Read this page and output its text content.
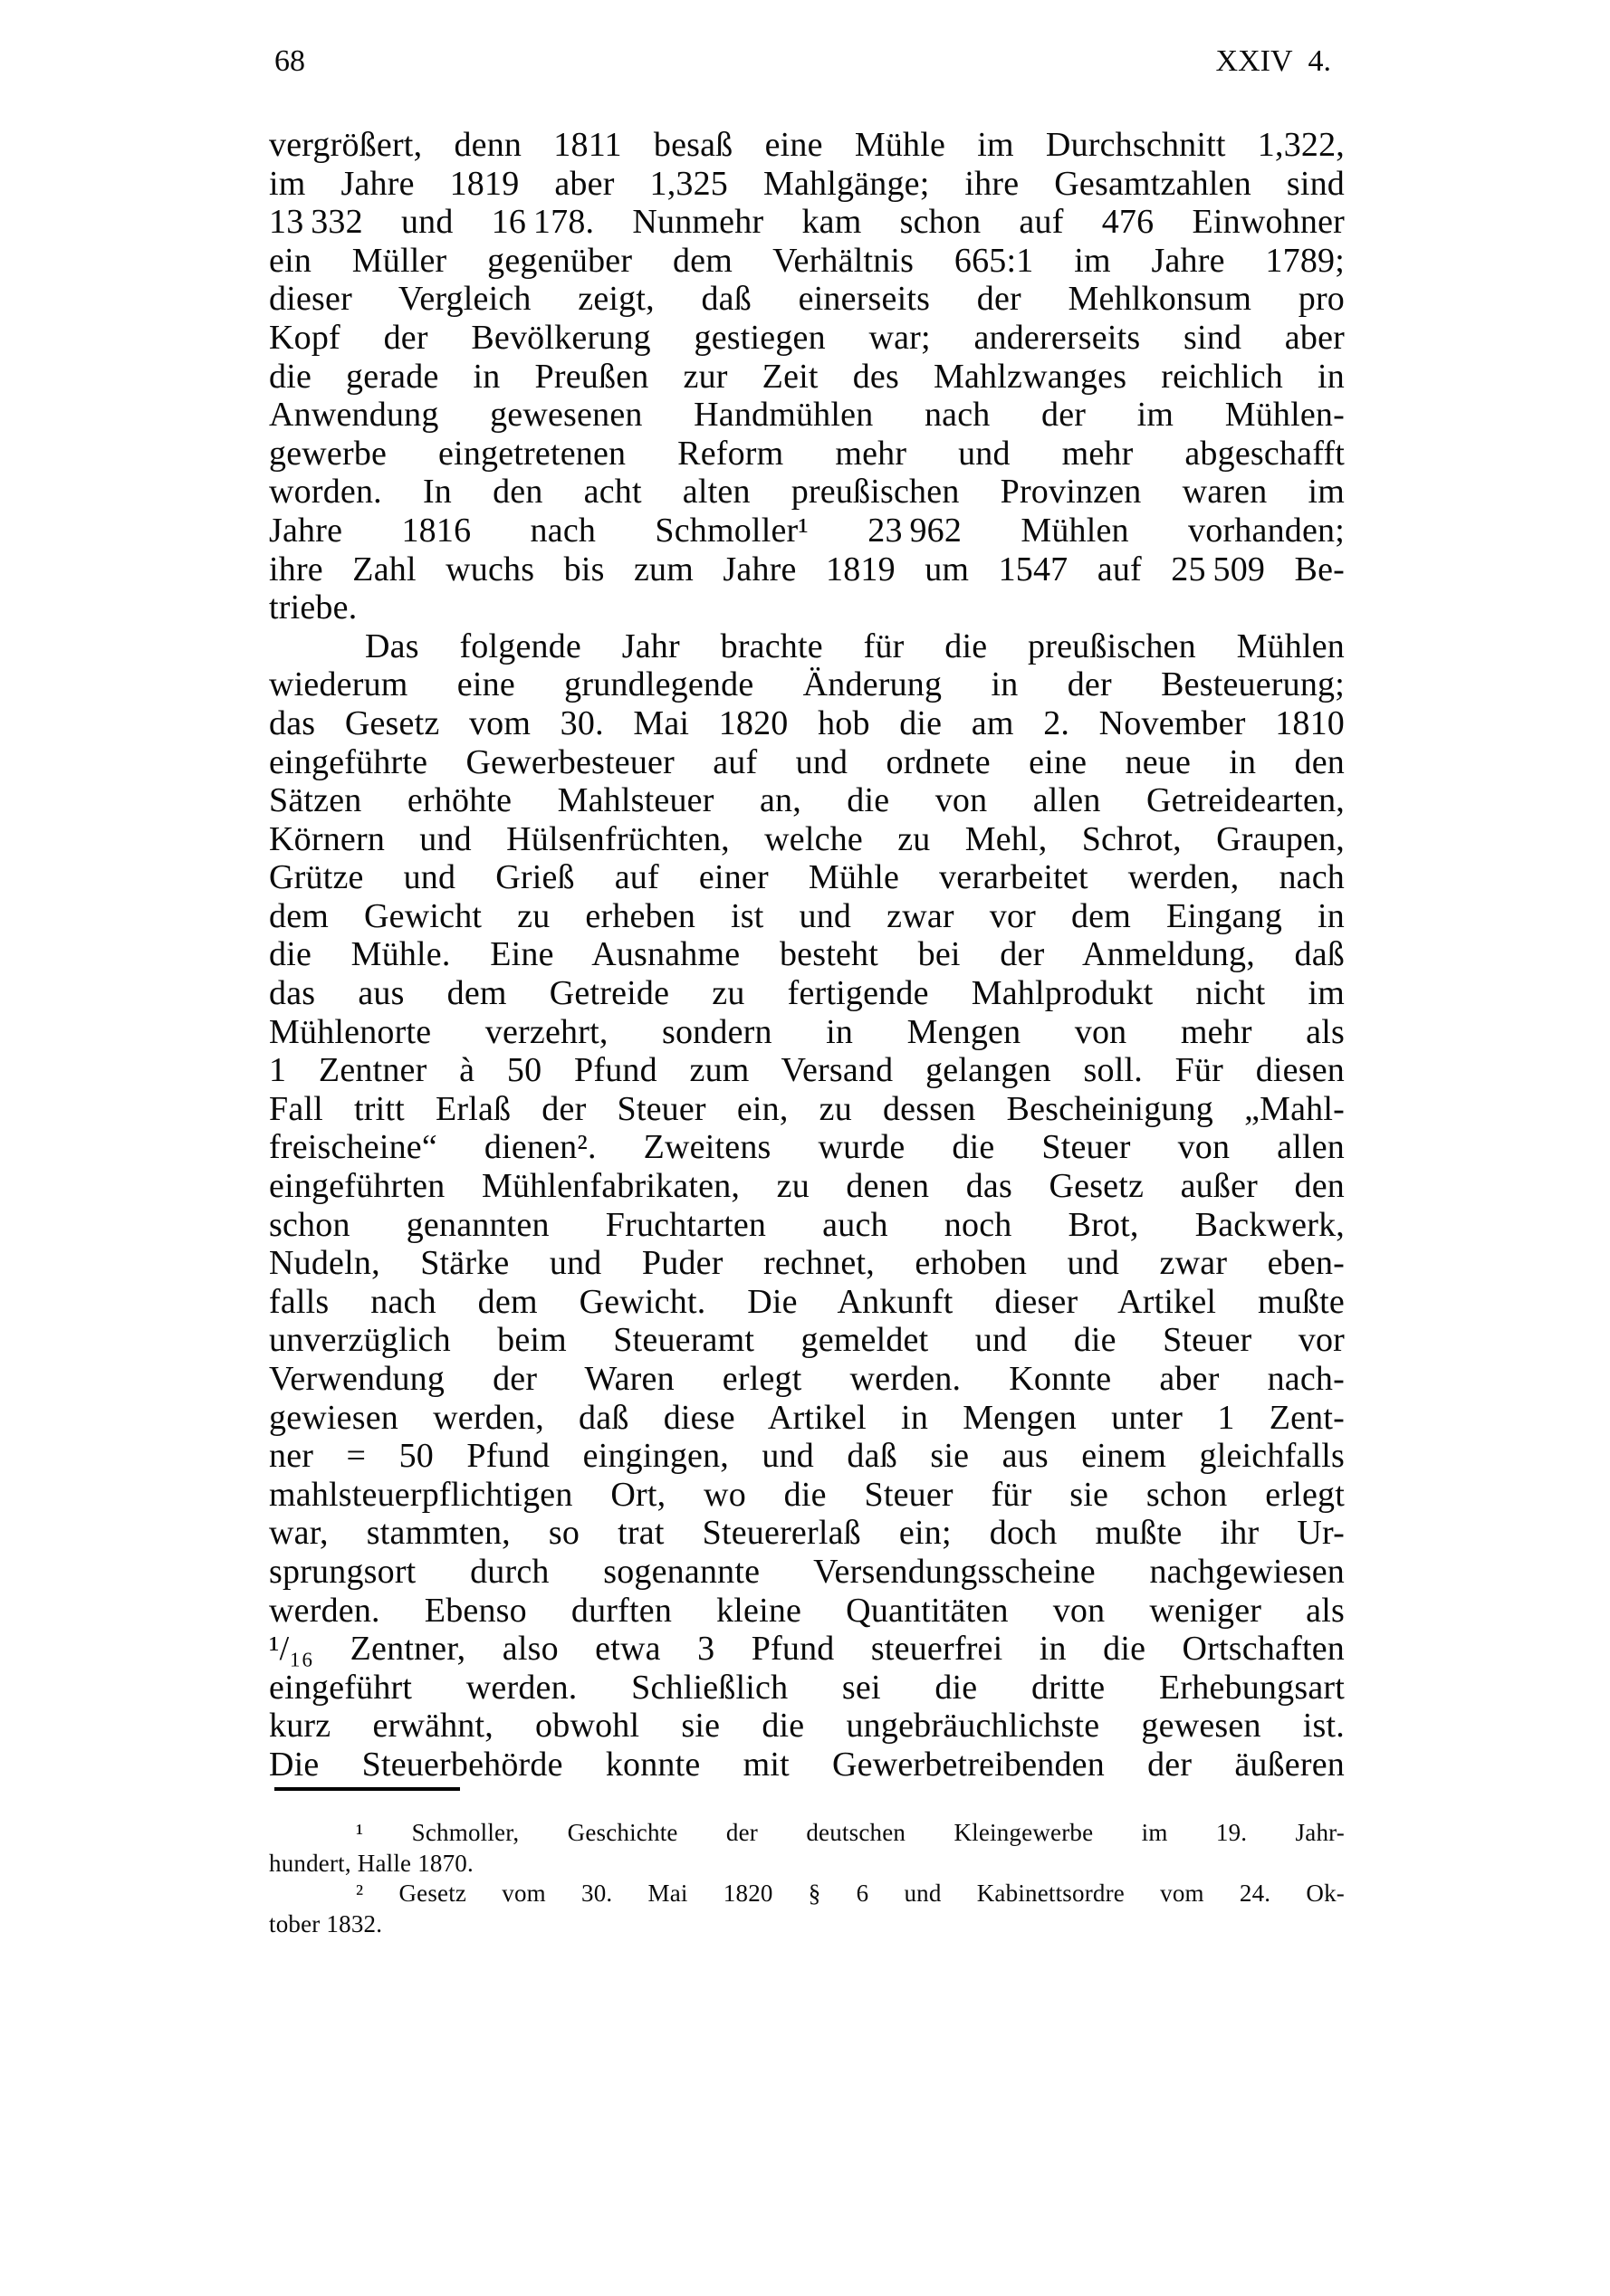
68	XXIV 4.
vergrößert, denn 1811 besaß eine Mühle im Durchschnitt 1,322,
im Jahre 1819 aber 1,325 Mahlgänge; ihre Gesamtzahlen sind
13 332 und 16 178. Nunmehr kam schon auf 476 Einwohner
ein Müller gegenüber dem Verhältnis 665:1 im Jahre 1789;
dieser Vergleich zeigt, daß einerseits der Mehlkonsum pro
Kopf der Bevölkerung gestiegen war; andererseits sind aber
die gerade in Preußen zur Zeit des Mahlzwanges reichlich in
Anwendung gewesenen Handmühlen nach der im Mühlen-
gewerbe eingetretenen Reform mehr und mehr abgeschafft
worden. In den acht alten preußischen Provinzen waren im
Jahre 1816 nach Schmoller¹ 23 962 Mühlen vorhanden;
ihre Zahl wuchs bis zum Jahre 1819 um 1547 auf 25 509 Be-
triebe.
Das folgende Jahr brachte für die preußischen Mühlen
wiederum eine grundlegende Änderung in der Besteuerung;
das Gesetz vom 30. Mai 1820 hob die am 2. November 1810
eingeführte Gewerbesteuer auf und ordnete eine neue in den
Sätzen erhöhte Mahlsteuer an, die von allen Getreidearten,
Körnern und Hülsenfrüchten, welche zu Mehl, Schrot, Graupen,
Grütze und Grieß auf einer Mühle verarbeitet werden, nach
dem Gewicht zu erheben ist und zwar vor dem Eingang in
die Mühle. Eine Ausnahme besteht bei der Anmeldung, daß
das aus dem Getreide zu fertigende Mahlprodukt nicht im
Mühlenorte verzehrt, sondern in Mengen von mehr als
1 Zentner à 50 Pfund zum Versand gelangen soll. Für diesen
Fall tritt Erlaß der Steuer ein, zu dessen Bescheinigung „Mahl-
freischeine“ dienen². Zweitens wurde die Steuer von allen
eingeführten Mühlenfabrikaten, zu denen das Gesetz außer den
schon genannten Fruchtarten auch noch Brot, Backwerk,
Nudeln, Stärke und Puder rechnet, erhoben und zwar eben-
falls nach dem Gewicht. Die Ankunft dieser Artikel mußte
unverzüglich beim Steueramt gemeldet und die Steuer vor
Verwendung der Waren erlegt werden. Konnte aber nach-
gewiesen werden, daß diese Artikel in Mengen unter 1 Zent-
ner = 50 Pfund eingingen, und daß sie aus einem gleichfalls
mahlsteuerpflichtigen Ort, wo die Steuer für sie schon erlegt
war, stammten, so trat Steuererlaß ein; doch mußte ihr Ur-
sprungsort durch sogenannte Versendungsscheine nachgewiesen
werden. Ebenso durften kleine Quantitäten von weniger als
¹/₁₆ Zentner, also etwa 3 Pfund steuerfrei in die Ortschaften
eingeführt werden. Schließlich sei die dritte Erhebungsart
kurz erwähnt, obwohl sie die ungebräuchlichste gewesen ist.
Die Steuerbehörde konnte mit Gewerbetreibenden der äußeren
¹ Schmoller, Geschichte der deutschen Kleingewerbe im 19. Jahr-
hundert, Halle 1870.
² Gesetz vom 30. Mai 1820 § 6 und Kabinettsordre vom 24. Ok-
tober 1832.
